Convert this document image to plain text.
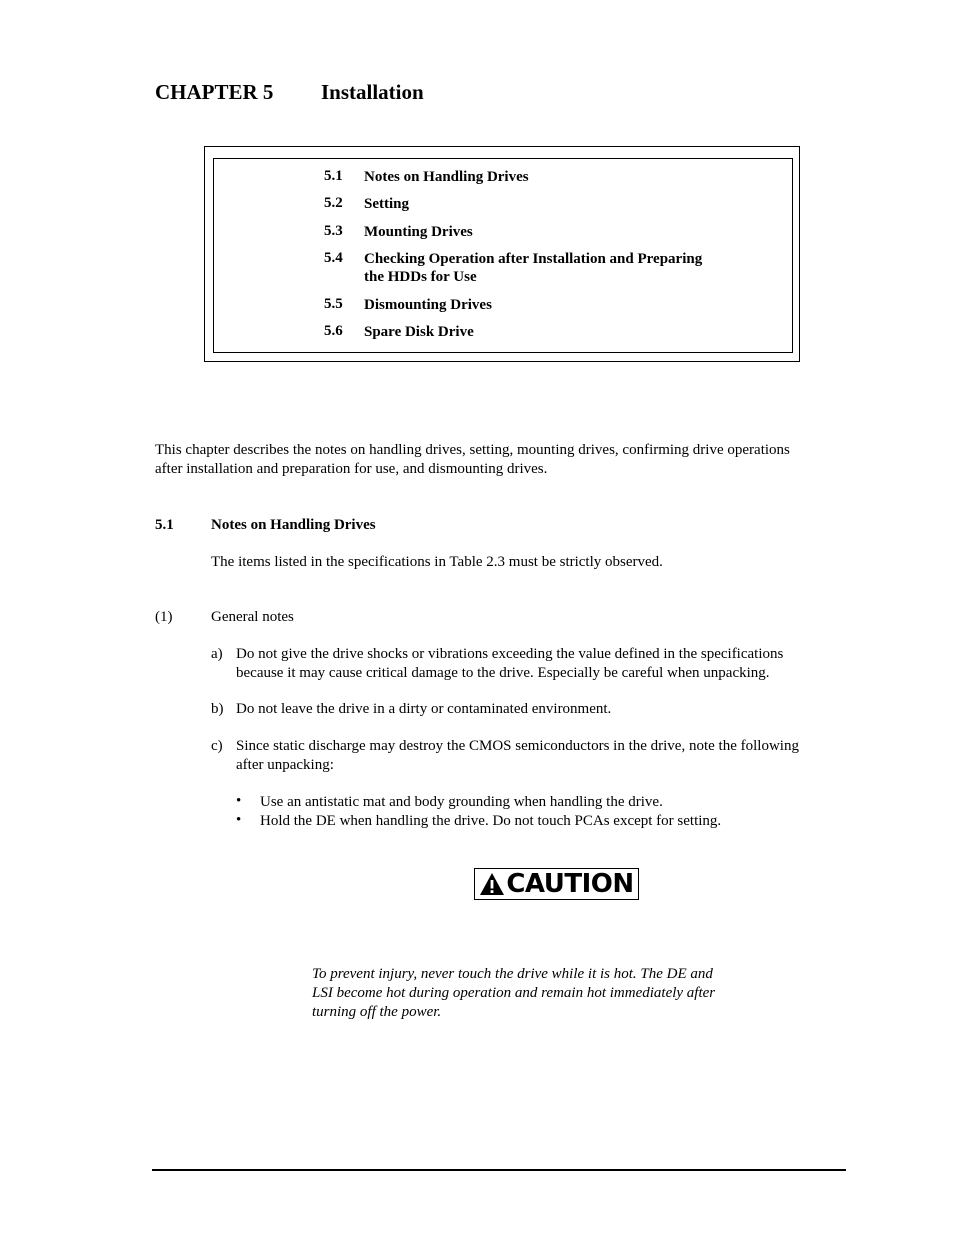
CHAPTER 5 Installation
5.1 Notes on Handling Drives
5.2 Setting
5.3 Mounting Drives
5.4 Checking Operation after Installation and Preparing
the HDDs for Use
5.5 Dismounting Drives
5.6 Spare Disk Drive
This chapter describes the notes on handling drives, setting, mounting drives, confirming drive operations
after installation and preparation for use, and dismounting drives.
5.1 Notes on Handling Drives
The items listed in the specifications in Table 2.3 must be strictly observed.
(1)	General notes
a) Do not give the drive shocks or vibrations exceeding the value defined in the specifications
because it may cause critical damage to the drive. Especially be careful when unpacking.
b) Do not leave the drive in a dirty or contaminated environment.
c) Since static discharge may destroy the CMOS semiconductors in the drive, note the following
after unpacking:
• Use an antistatic mat and body grounding when handling the drive.
• Hold the DE when handling the drive. Do not touch PCAs except for setting.
CAUTION
To prevent injury, never touch the drive while it is hot. The DE and
LSI become hot during operation and remain hot immediately after
turning off the power.
